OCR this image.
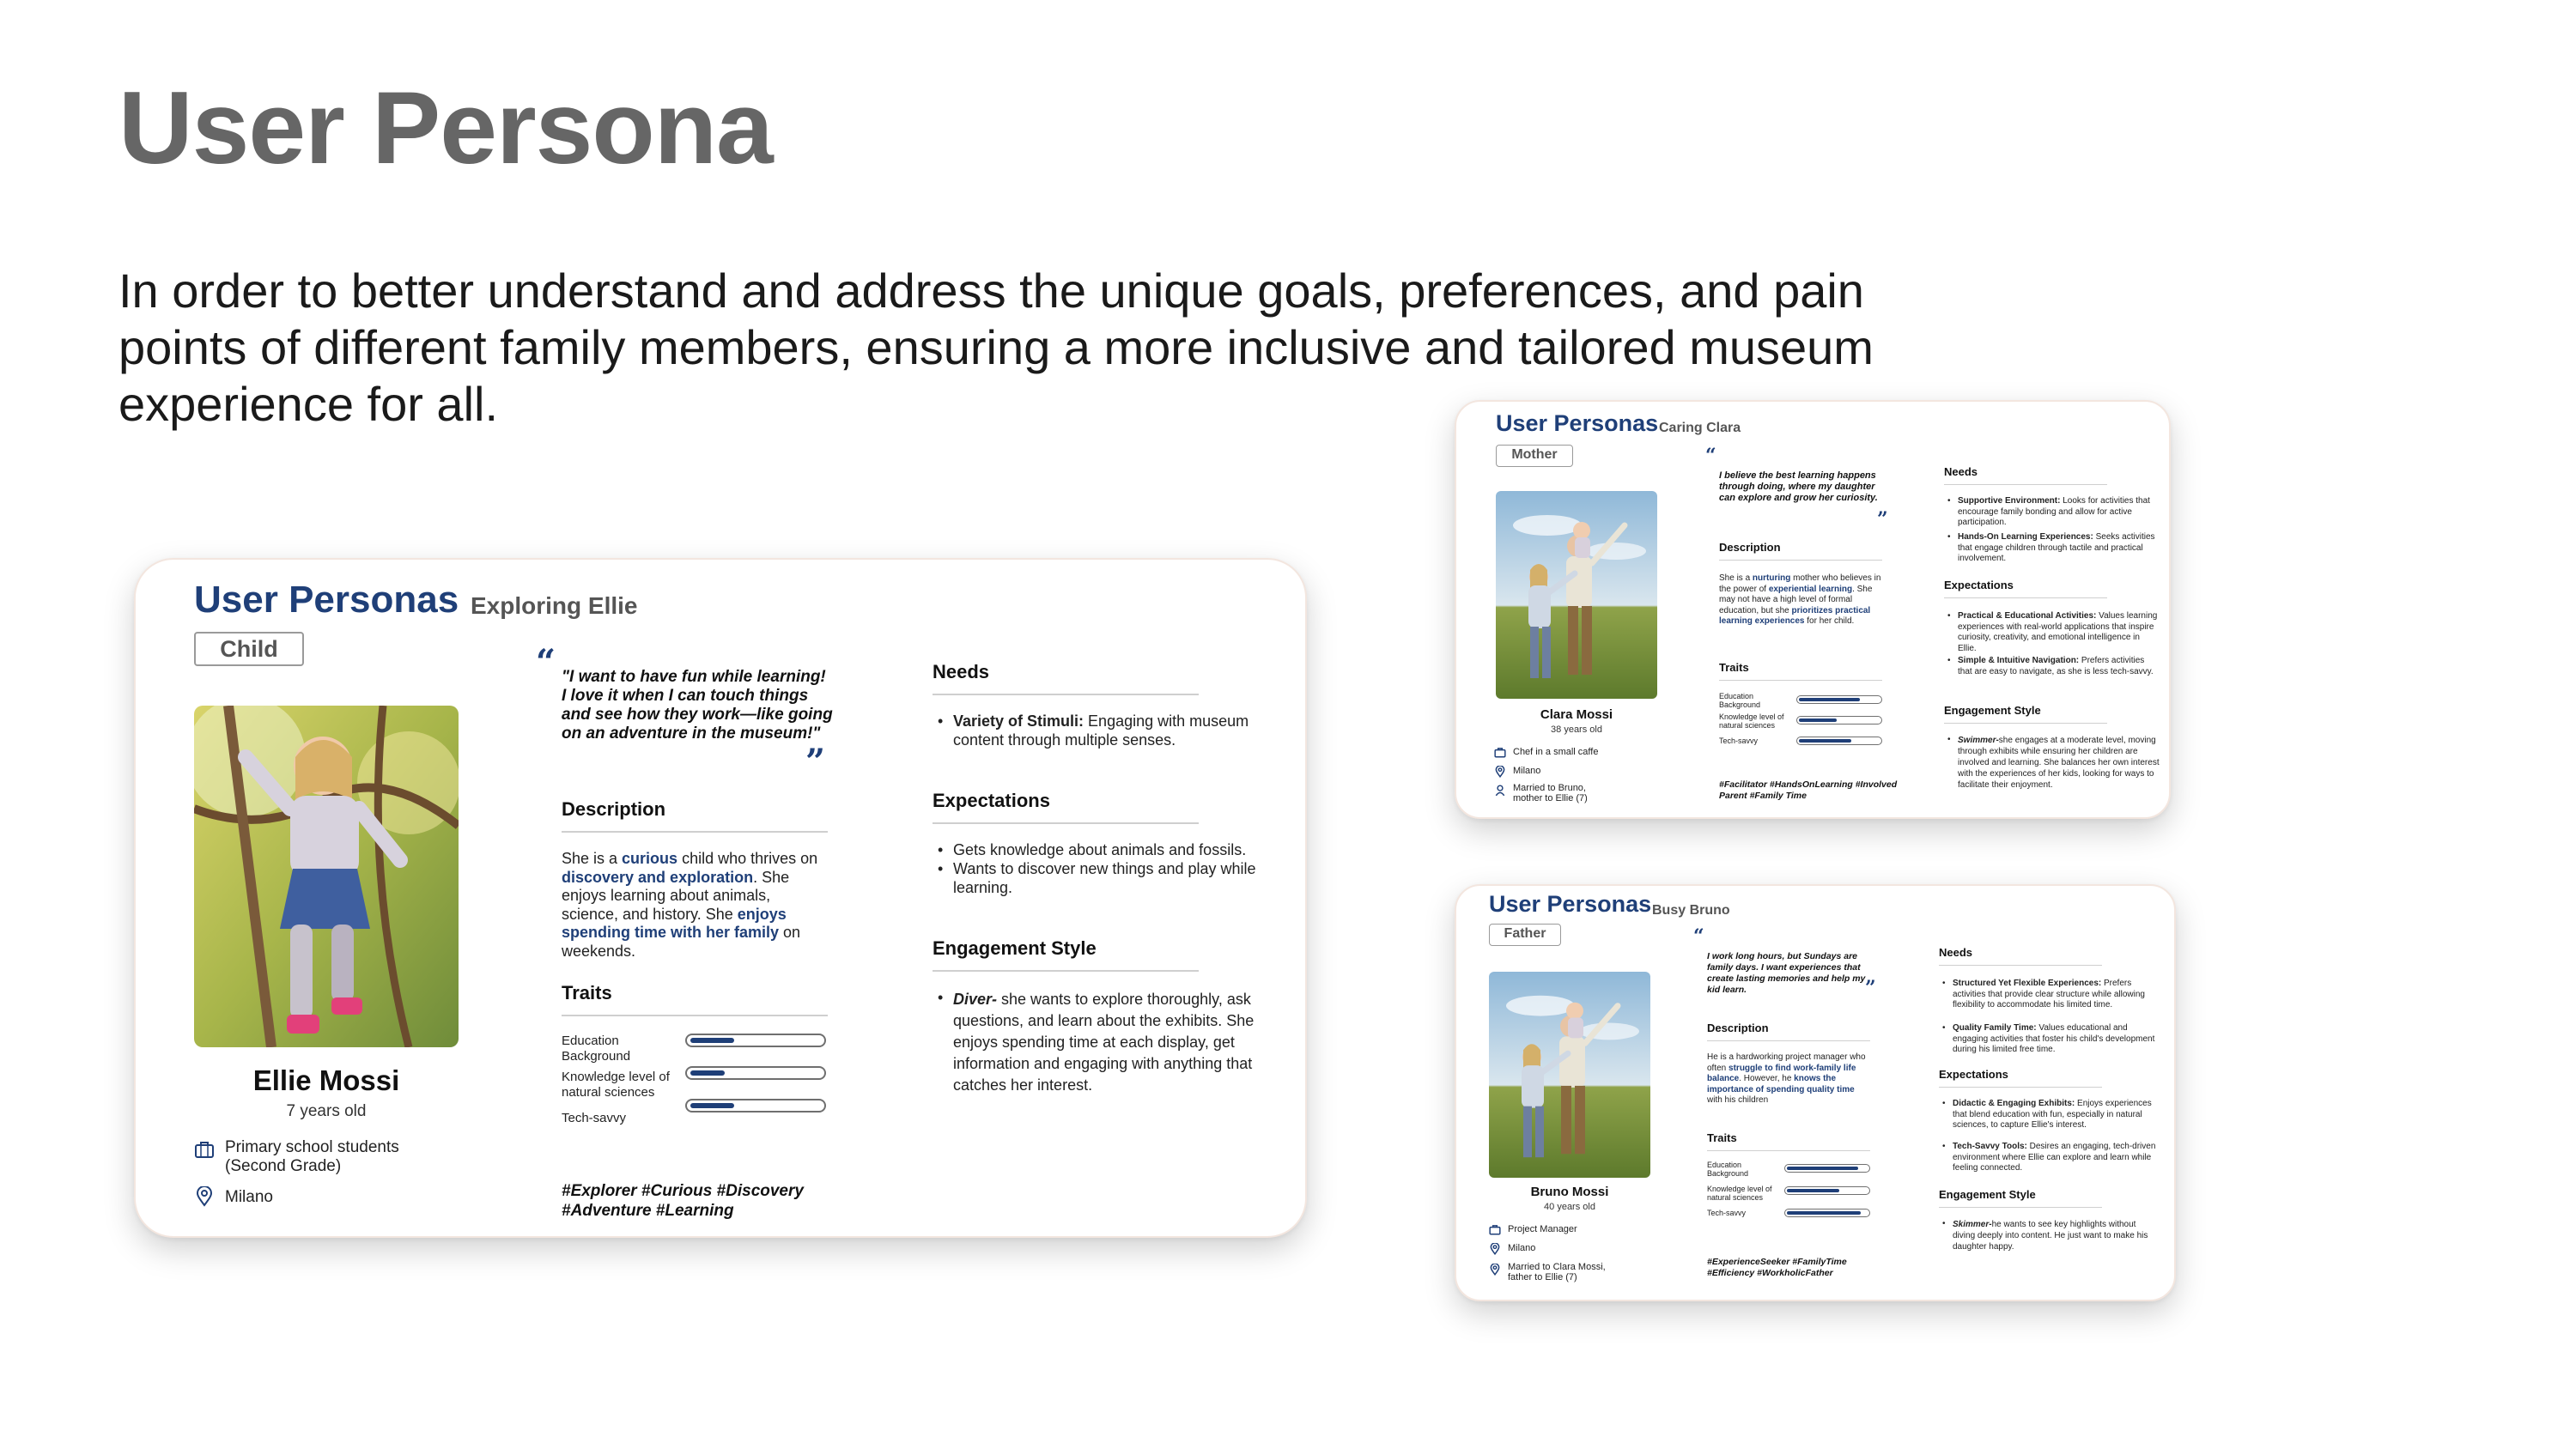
User Persona
In order to better understand and address the unique goals, preferences, and pain points of different family members, ensuring a more inclusive and tailored museum experience for all.
User Personas Exploring Ellie
Child
Ellie Mossi
7 years old
Primary school students (Second Grade)
Milano
“ "I want to have fun while learning! I love it when I can touch things and see how they work—like going on an adventure in the museum!"
”
Description
She is a curious child who thrives on discovery and exploration. She enjoys learning about animals, science, and history. She enjoys spending time with her family on weekends.
Traits
Education Background
Knowledge level of natural sciences
Tech-savvy
#Explorer #Curious #Discovery #Adventure #Learning
Needs
• Variety of Stimuli: Engaging with museum content through multiple senses.
Expectations
• Gets knowledge about animals and fossils.
• Wants to discover new things and play while learning.
Engagement Style
• Diver- she wants to explore thoroughly, ask questions, and learn about the exhibits. She enjoys spending time at each display, get information and engaging with anything that catches her interest.
User Personas Caring Clara
Mother
Clara Mossi
38 years old
Chef in a small caffe
Milano
Married to Bruno, mother to Ellie (7)
“
I believe the best learning happens through doing, where my daughter can explore and grow her curiosity.
”
Description
She is a nurturing mother who believes in the power of experiential learning. She may not have a high level of formal education, but she prioritizes practical learning experiences for her child.
Traits
Education Background
Knowledge level of natural sciences
Tech-savvy
#Facilitator #HandsOnLearning #Involved Parent #Family Time
Needs
• Supportive Environment: Looks for activities that encourage family bonding and allow for active participation.
• Hands-On Learning Experiences: Seeks activities that engage children through tactile and practical involvement.
Expectations
• Practical & Educational Activities: Values learning experiences with real-world applications that inspire curiosity, creativity, and emotional intelligence in Ellie.
• Simple & Intuitive Navigation: Prefers activities that are easy to navigate, as she is less tech-savvy.
Engagement Style
• Swimmer-she engages at a moderate level, moving through exhibits while ensuring her children are involved and learning. She balances her own interest with the experiences of her kids, looking for ways to facilitate their enjoyment.
User Personas Busy Bruno
Father
Bruno Mossi
40 years old
Project Manager
Milano
Married to Clara Mossi, father to Ellie (7)
“
I work long hours, but Sundays are family days. I want experiences that create lasting memories and help my kid learn.	”
Description
He is a hardworking project manager who often struggle to find work-family life balance. However, he knows the importance of spending quality time with his children
Traits
Education Background
Knowledge level of natural sciences
Tech-savvy
#ExperienceSeeker #FamilyTime #Efficiency #WorkholicFather
Needs
• Structured Yet Flexible Experiences: Prefers activities that provide clear structure while allowing flexibility to accommodate his limited time.
• Quality Family Time: Values educational and engaging activities that foster his child's development during his limited free time.
Expectations
• Didactic & Engaging Exhibits: Enjoys experiences that blend education with fun, especially in natural sciences, to capture Ellie's interest.
• Tech-Savvy Tools: Desires an engaging, tech-driven environment where Ellie can explore and learn while feeling connected.
Engagement Style
• Skimmer-he wants to see key highlights without diving deeply into content. He just want to make his daughter happy.
